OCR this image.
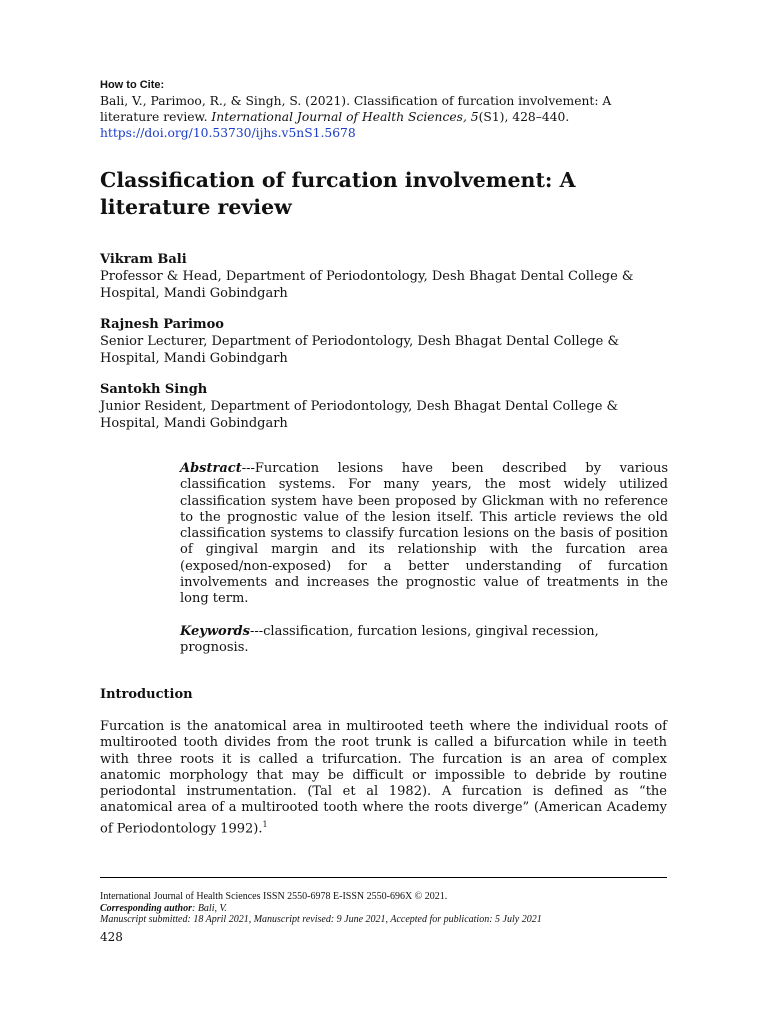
How to Cite:
Bali, V., Parimoo, R., & Singh, S. (2021). Classification of furcation involvement: A literature review. International Journal of Health Sciences, 5(S1), 428–440.
https://doi.org/10.53730/ijhs.v5nS1.5678
Classification of furcation involvement: A literature review
Vikram Bali
Professor & Head, Department of Periodontology, Desh Bhagat Dental College &
Hospital, Mandi Gobindgarh
Rajnesh Parimoo
Senior Lecturer, Department of Periodontology, Desh Bhagat Dental College &
Hospital, Mandi Gobindgarh
Santokh Singh
Junior Resident, Department of Periodontology, Desh Bhagat Dental College &
Hospital, Mandi Gobindgarh
Abstract---Furcation lesions have been described by various classification systems. For many years, the most widely utilized classification system have been proposed by Glickman with no reference to the prognostic value of the lesion itself. This article reviews the old classification systems to classify furcation lesions on the basis of position of gingival margin and its relationship with the furcation area (exposed/non-exposed) for a better understanding of furcation involvements and increases the prognostic value of treatments in the long term.
Keywords---classification, furcation lesions, gingival recession, prognosis.
Introduction

Furcation is the anatomical area in multirooted teeth where the individual roots of multirooted tooth divides from the root trunk is called a bifurcation while in teeth with three roots it is called a trifurcation. The furcation is an area of complex anatomic morphology that may be difficult or impossible to debride by routine periodontal instrumentation. (Tal et al 1982). A furcation is defined as “the anatomical area of a multirooted tooth where the roots diverge” (American Academy of Periodontology 1992).$^1$

International Journal of Health Sciences ISSN 2550-6978 E-ISSN 2550-696X © 2021.
Corresponding author: Bali, V.
Manuscript submitted: 18 April 2021, Manuscript revised: 9 June 2021, Accepted for publication: 5 July 2021
428
